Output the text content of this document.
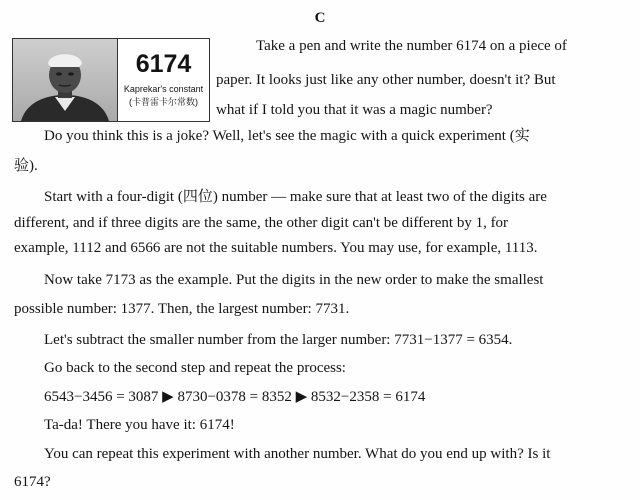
C
6174
Kaprekar's constant
(卡普雷卡尔常数)
Take a pen and write the number 6174 on a piece of
paper. It looks just like any other number, doesn't it? But
what if I told you that it was a magic number?
Do you think this is a joke? Well, let's see the magic with a quick experiment (实
验).
Start with a four-digit (四位) number — make sure that at least two of the digits are
different, and if three digits are the same, the other digit can't be different by 1, for
example, 1112 and 6566 are not the suitable numbers. You may use, for example, 1113.
Now take 7173 as the example. Put the digits in the new order to make the smallest
possible number: 1377. Then, the largest number: 7731.
Let's subtract the smaller number from the larger number: 7731−1377 = 6354.
Go back to the second step and repeat the process:
6543−3456 = 3087 ▶ 8730−0378 = 8352 ▶ 8532−2358 = 6174
Ta-da! There you have it: 6174!
You can repeat this experiment with another number. What do you end up with? Is it
6174?
